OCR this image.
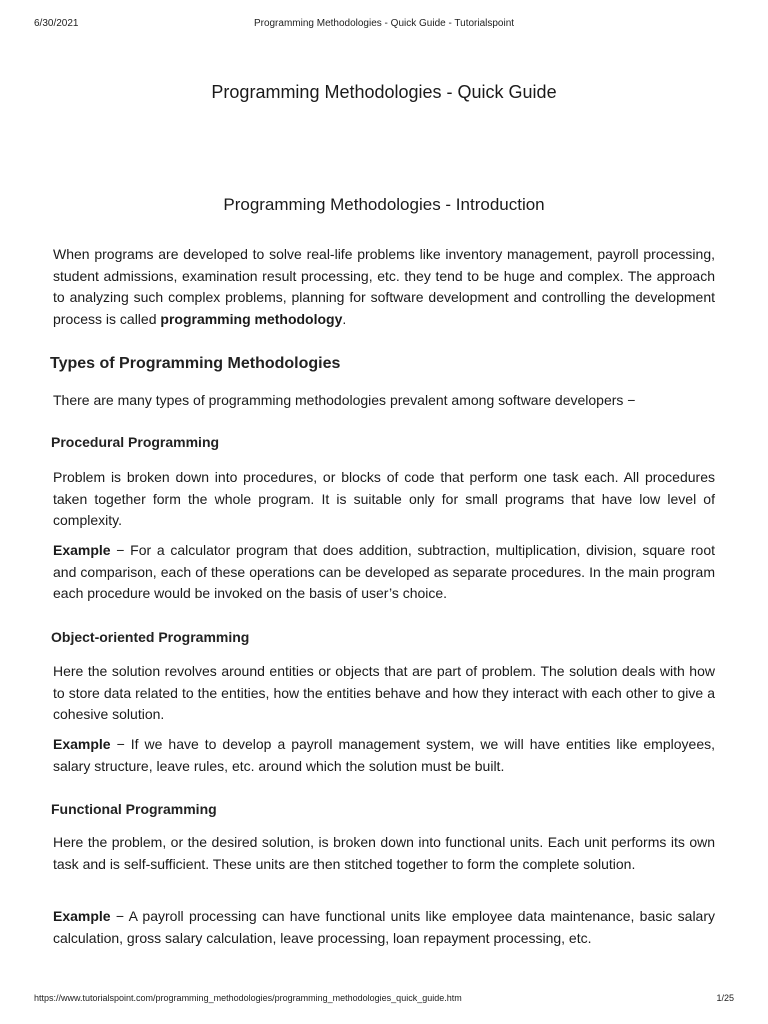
6/30/2021	Programming Methodologies - Quick Guide - Tutorialspoint
Programming Methodologies - Quick Guide
Programming Methodologies - Introduction

When programs are developed to solve real-life problems like inventory management, payroll processing, student admissions, examination result processing, etc. they tend to be huge and complex. The approach to analyzing such complex problems, planning for software development and controlling the development process is called programming methodology.

Types of Programming Methodologies

There are many types of programming methodologies prevalent among software developers −

Procedural Programming

Problem is broken down into procedures, or blocks of code that perform one task each. All procedures taken together form the whole program. It is suitable only for small programs that have low level of complexity.

Example − For a calculator program that does addition, subtraction, multiplication, division, square root and comparison, each of these operations can be developed as separate procedures. In the main program each procedure would be invoked on the basis of user’s choice.

Object-oriented Programming

Here the solution revolves around entities or objects that are part of problem. The solution deals with how to store data related to the entities, how the entities behave and how they interact with each other to give a cohesive solution.

Example − If we have to develop a payroll management system, we will have entities like employees, salary structure, leave rules, etc. around which the solution must be built.

Functional Programming

Here the problem, or the desired solution, is broken down into functional units. Each unit performs its own task and is self-sufficient. These units are then stitched together to form the complete solution.

Example − A payroll processing can have functional units like employee data maintenance, basic salary calculation, gross salary calculation, leave processing, loan repayment processing, etc.

https://www.tutorialspoint.com/programming_methodologies/programming_methodologies_quick_guide.htm	1/25
